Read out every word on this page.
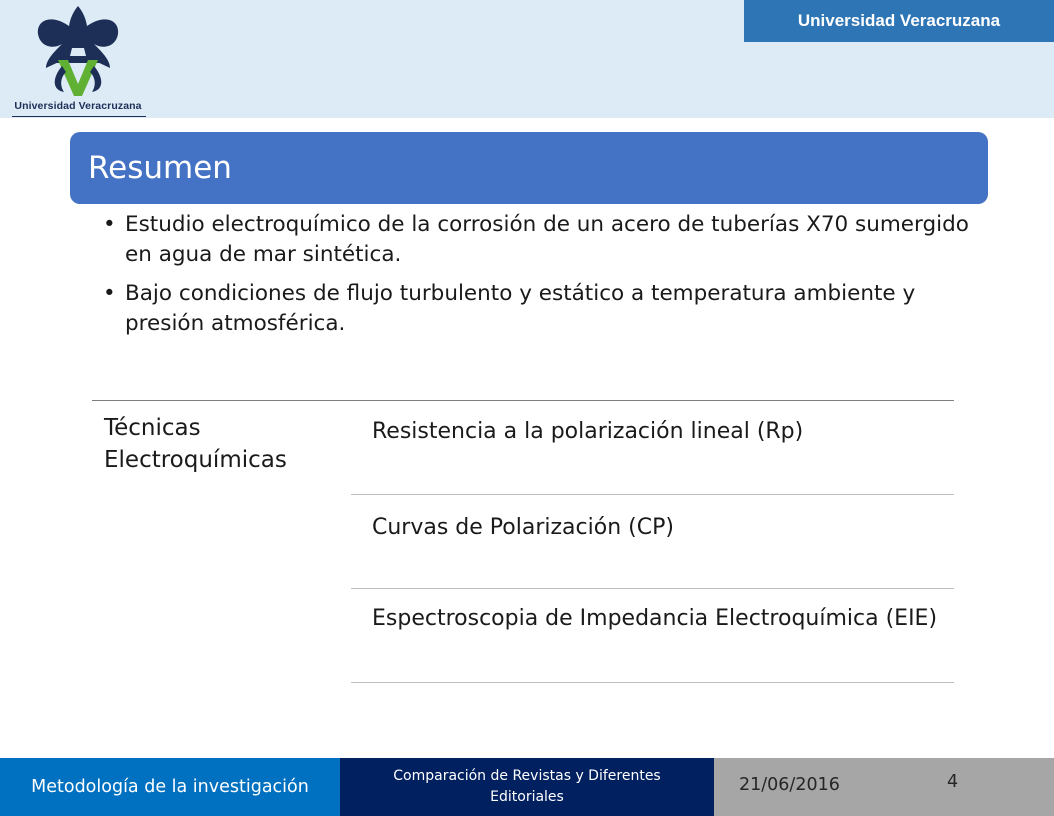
Universidad Veracruzana
Universidad Veracruzana
Resumen
• Estudio electroquímico de la corrosión de un acero de tuberías X70 sumergido en agua de mar sintética.
• Bajo condiciones de flujo turbulento y estático a temperatura ambiente y presión atmosférica.
Técnicas Electroquímicas
Resistencia a la polarización lineal (Rp)
Curvas de Polarización (CP)
Espectroscopia de Impedancia Electroquímica (EIE)
Metodología de la investigación
Comparación de Revistas y Diferentes Editoriales
21/06/2016	4
